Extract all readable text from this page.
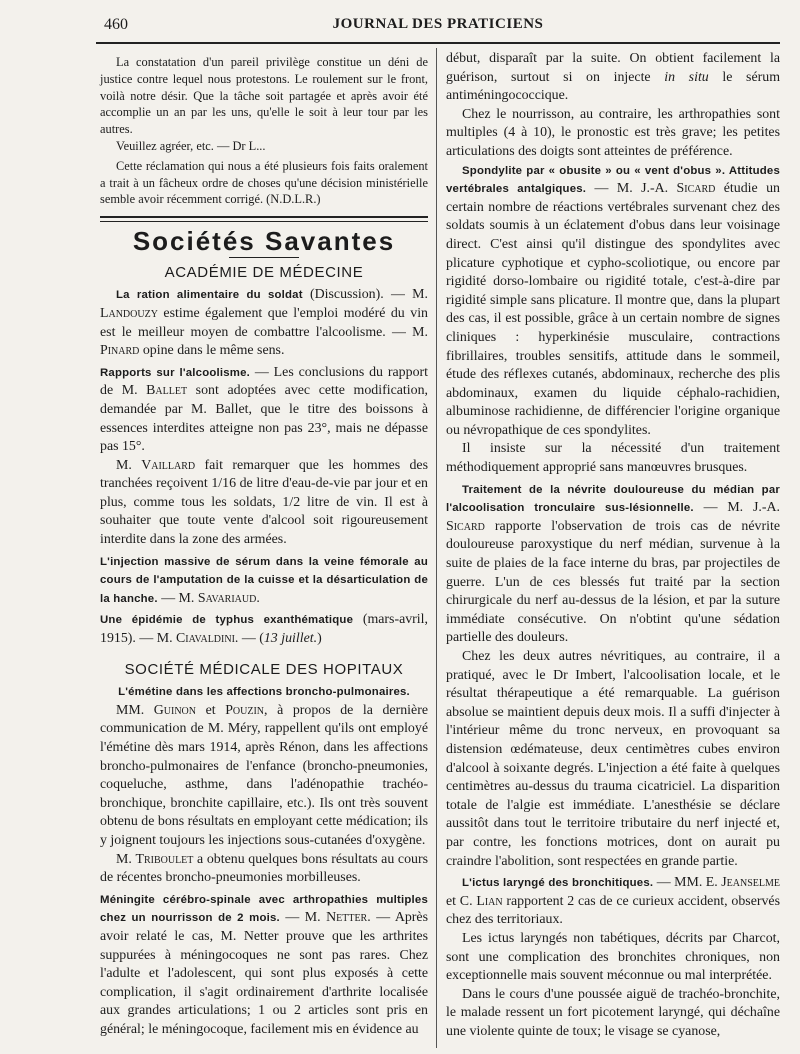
460	JOURNAL DES PRATICIENS

La constatation d'un pareil privilège constitue un déni de justice contre lequel nous protestons. Le roulement sur le front, voilà notre désir. Que la tâche soit partagée et après avoir été accomplie un an par les uns, qu'elle le soit à leur tour par les autres.

Veuillez agréer, etc. — Dr L...

Cette réclamation qui nous a été plusieurs fois faits oralement a trait à un fâcheux ordre de choses qu'une décision ministérielle semble avoir récemment corrigé. (N.D.L.R.)

Sociétés Savantes
ACADÉMIE DE MÉDECINE

La ration alimentaire du soldat (Discussion). — M. Landouzy estime également que l'emploi modéré du vin est le meilleur moyen de combattre l'alcoolisme. — M. Pinard opine dans le même sens.

Rapports sur l'alcoolisme. — Les conclusions du rapport de M. Ballet sont adoptées avec cette modification, demandée par M. Ballet, que le titre des boissons à essences interdites atteigne non pas 23°, mais ne dépasse pas 15°.

M. Vaillard fait remarquer que les hommes des tranchées reçoivent 1/16 de litre d'eau-de-vie par jour et en plus, comme tous les soldats, 1/2 litre de vin. Il est à souhaiter que toute vente d'alcool soit rigoureusement interdite dans la zone des armées.

L'injection massive de sérum dans la veine fémorale au cours de l'amputation de la cuisse et la désarticulation de la hanche. — M. Savariaud.

Une épidémie de typhus exanthématique (mars-avril, 1915). — M. Ciavaldini. — (13 juillet.)

SOCIÉTÉ MÉDICALE DES HOPITAUX

L'émétine dans les affections broncho-pulmonaires.

MM. Guinon et Pouzin, à propos de la dernière communication de M. Méry, rappellent qu'ils ont employé l'émétine dès mars 1914, après Rénon, dans les affections broncho-pulmonaires de l'enfance (broncho-pneumonies, coqueluche, asthme, dans l'adénopathie trachéo-bronchique, bronchite capillaire, etc.). Ils ont très souvent obtenu de bons résultats en employant cette médication; ils y joignent toujours les injections sous-cutanées d'oxygène.

M. Triboulet a obtenu quelques bons résultats au cours de récentes broncho-pneumonies morbilleuses.

Méningite cérébro-spinale avec arthropathies multiples chez un nourrisson de 2 mois. — M. Netter. — Après avoir relaté le cas, M. Netter prouve que les arthrites suppurées à méningocoques ne sont pas rares. Chez l'adulte et l'adolescent, qui sont plus exposés à cette complication, il s'agit ordinairement d'arthrite localisée aux grandes articulations; 1 ou 2 articles sont pris en général; le méningocoque, facilement mis en évidence au

début, disparaît par la suite. On obtient facilement la guérison, surtout si on injecte in situ le sérum antiméningococcique.

Chez le nourrisson, au contraire, les arthropathies sont multiples (4 à 10), le pronostic est très grave; les petites articulations des doigts sont atteintes de préférence.

Spondylite par « obusite » ou « vent d'obus ». Attitudes vertébrales antalgiques. — M. J.-A. Sicard étudie un certain nombre de réactions vertébrales survenant chez des soldats soumis à un éclatement d'obus dans leur voisinage direct. C'est ainsi qu'il distingue des spondylites avec plicature cyphotique et cypho-scoliotique, ou encore par rigidité dorso-lombaire ou rigidité totale, c'est-à-dire par rigidité simple sans plicature. Il montre que, dans la plupart des cas, il est possible, grâce à un certain nombre de signes cliniques : hyperkinésie musculaire, contractions fibrillaires, troubles sensitifs, attitude dans le sommeil, étude des réflexes cutanés, abdominaux, recherche des plis abdominaux, examen du liquide céphalo-rachidien, albuminose rachidienne, de différencier l'origine organique ou névropathique de ces spondylites.

Il insiste sur la nécessité d'un traitement méthodiquement approprié sans manœuvres brusques.

Traitement de la névrite douloureuse du médian par l'alcoolisation tronculaire sus-lésionnelle. — M. J.-A. Sicard rapporte l'observation de trois cas de névrite douloureuse paroxystique du nerf médian, survenue à la suite de plaies de la face interne du bras, par projectiles de guerre. L'un de ces blessés fut traité par la section chirurgicale du nerf au-dessus de la lésion, et par la suture immédiate consécutive. On n'obtint qu'une sédation partielle des douleurs.

Chez les deux autres névritiques, au contraire, il a pratiqué, avec le Dr Imbert, l'alcoolisation locale, et le résultat thérapeutique a été remarquable. La guérison absolue se maintient depuis deux mois. Il a suffi d'injecter à l'intérieur même du tronc nerveux, en provoquant sa distension œdémateuse, deux centimètres cubes environ d'alcool à soixante degrés. L'injection a été faite à quelques centimètres au-dessus du trauma cicatriciel. La disparition totale de l'algie est immédiate. L'anesthésie se déclare aussitôt dans tout le territoire tributaire du nerf injecté et, par contre, les fonctions motrices, dont on aurait pu craindre l'abolition, sont respectées en grande partie.

L'ictus laryngé des bronchitiques. — MM. E. Jeanselme et C. Lian rapportent 2 cas de ce curieux accident, observés chez des territoriaux.

Les ictus laryngés non tabétiques, décrits par Charcot, sont une complication des bronchites chroniques, non exceptionnelle mais souvent méconnue ou mal interprétée.

Dans le cours d'une poussée aiguë de trachéo-bronchite, le malade ressent un fort picotement laryngé, qui déchaîne une violente quinte de toux; le visage se cyanose,
